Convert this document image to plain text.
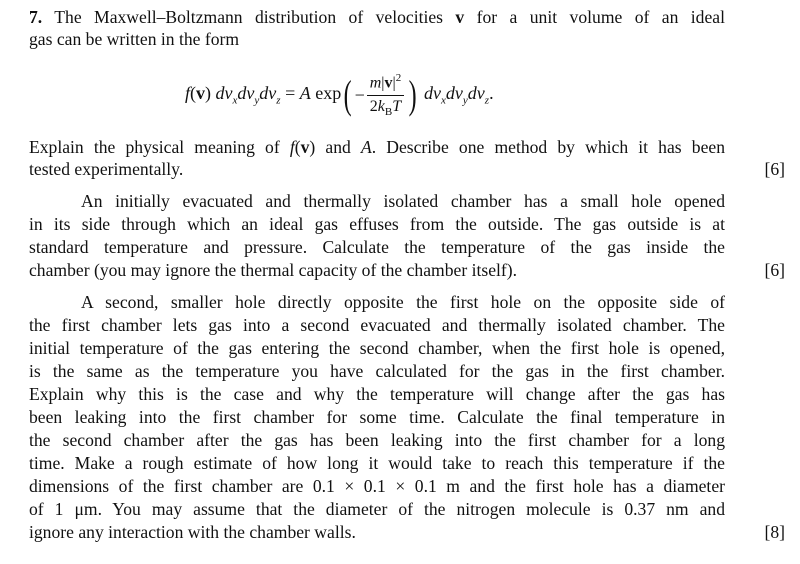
7. The Maxwell–Boltzmann distribution of velocities v for a unit volume of an ideal
gas can be written in the form
f(v) $dv_xdv_ydv_z = A$ exp ( − $\frac{m|v|^2}{2k_BT}$ ) $dv_xdv_ydv_z$.
Explain the physical meaning of f(v) and A. Describe one method by which it has been
tested experimentally.	[6]
An initially evacuated and thermally isolated chamber has a small hole opened
in its side through which an ideal gas effuses from the outside. The gas outside is at
standard temperature and pressure. Calculate the temperature of the gas inside the
chamber (you may ignore the thermal capacity of the chamber itself).	[6]
A second, smaller hole directly opposite the first hole on the opposite side of
the first chamber lets gas into a second evacuated and thermally isolated chamber. The
initial temperature of the gas entering the second chamber, when the first hole is opened,
is the same as the temperature you have calculated for the gas in the first chamber.
Explain why this is the case and why the temperature will change after the gas has
been leaking into the first chamber for some time. Calculate the final temperature in
the second chamber after the gas has been leaking into the first chamber for a long
time. Make a rough estimate of how long it would take to reach this temperature if the
dimensions of the first chamber are 0.1 × 0.1 × 0.1 m and the first hole has a diameter
of 1 μm. You may assume that the diameter of the nitrogen molecule is 0.37 nm and
ignore any interaction with the chamber walls.	[8]
